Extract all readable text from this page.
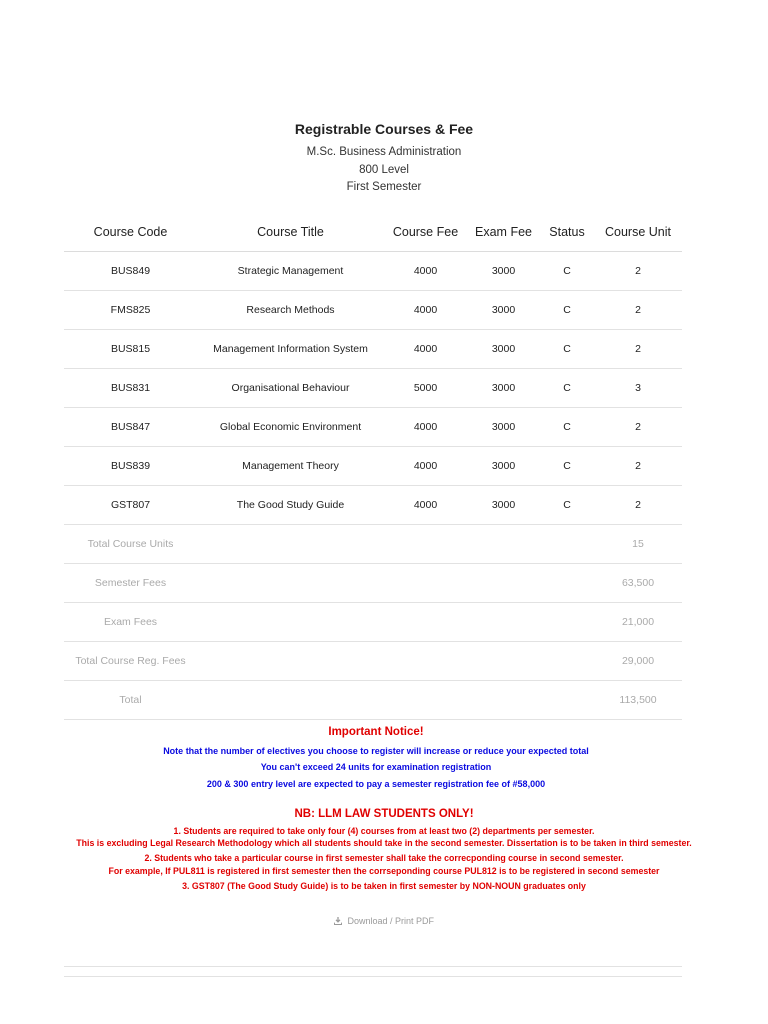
Registrable Courses & Fee
M.Sc. Business Administration
800 Level
First Semester
Course Code	Course Title	Course Fee	Exam Fee	Status	Course Unit
BUS849	Strategic Management	4000	3000	C	2
FMS825	Research Methods	4000	3000	C	2
BUS815	Management Information System	4000	3000	C	2
BUS831	Organisational Behaviour	5000	3000	C	3
BUS847	Global Economic Environment	4000	3000	C	2
BUS839	Management Theory	4000	3000	C	2
GST807	The Good Study Guide	4000	3000	C	2
Total Course Units					15
Semester Fees					63,500
Exam Fees					21,000
Total Course Reg. Fees					29,000
Total					113,500
Important Notice!
Note that the number of electives you choose to register will increase or reduce your expected total
You can't exceed 24 units for examination registration
200 & 300 entry level are expected to pay a semester registration fee of #58,000
NB: LLM LAW STUDENTS ONLY!
1. Students are required to take only four (4) courses from at least two (2) departments per semester.
This is excluding Legal Research Methodology which all students should take in the second semester. Dissertation is to be taken in third semester.
2. Students who take a particular course in first semester shall take the correcponding course in second semester.
For example, If PUL811 is registered in first semester then the corrseponding course PUL812 is to be registered in second semester
3. GST807 (The Good Study Guide) is to be taken in first semester by NON-NOUN graduates only
Download / Print PDF
